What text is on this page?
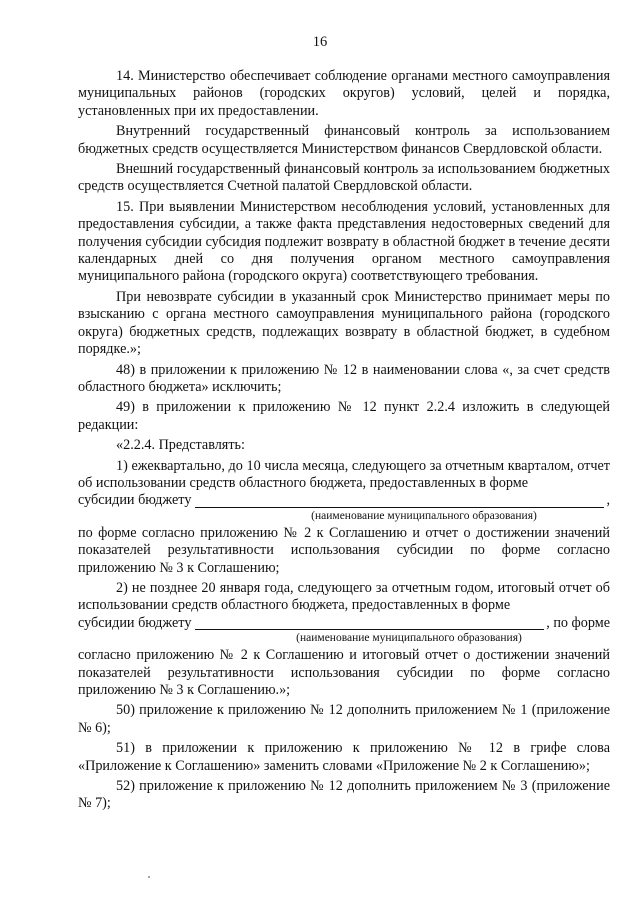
16

14. Министерство обеспечивает соблюдение органами местного самоуправления муниципальных районов (городских округов) условий, целей и порядка, установленных при их предоставлении.

Внутренний государственный финансовый контроль за использованием бюджетных средств осуществляется Министерством финансов Свердловской области.

Внешний государственный финансовый контроль за использованием бюджетных средств осуществляется Счетной палатой Свердловской области.

15. При выявлении Министерством несоблюдения условий, установленных для предоставления субсидии, а также факта представления недостоверных сведений для получения субсидии субсидия подлежит возврату в областной бюджет в течение десяти календарных дней со дня получения органом местного самоуправления муниципального района (городского округа) соответствующего требования.

При невозврате субсидии в указанный срок Министерство принимает меры по взысканию с органа местного самоуправления муниципального района (городского округа) бюджетных средств, подлежащих возврату в областной бюджет, в судебном порядке.»;

48) в приложении к приложению № 12 в наименовании слова «, за счет средств областного бюджета» исключить;

49) в приложении к приложению № 12 пункт 2.2.4 изложить в следующей редакции:

«2.2.4. Представлять:

1) ежеквартально, до 10 числа месяца, следующего за отчетным кварталом, отчет об использовании средств областного бюджета, предоставленных в форме

субсидии бюджету	,
(наименование муниципального образования)

по форме согласно приложению № 2 к Соглашению и отчет о достижении значений показателей результативности использования субсидии по форме согласно приложению № 3 к Соглашению;

2) не позднее 20 января года, следующего за отчетным годом, итоговый отчет об использовании средств областного бюджета, предоставленных в форме

субсидии бюджету	, по форме
(наименование муниципального образования)

согласно приложению № 2 к Соглашению и итоговый отчет о достижении значений показателей результативности использования субсидии по форме согласно приложению № 3 к Соглашению.»;

50) приложение к приложению № 12 дополнить приложением № 1 (приложение № 6);

51) в приложении к приложению к приложению № 12 в грифе слова «Приложение к Соглашению» заменить словами «Приложение № 2 к Соглашению»;

52) приложение к приложению № 12 дополнить приложением № 3 (приложение № 7);
